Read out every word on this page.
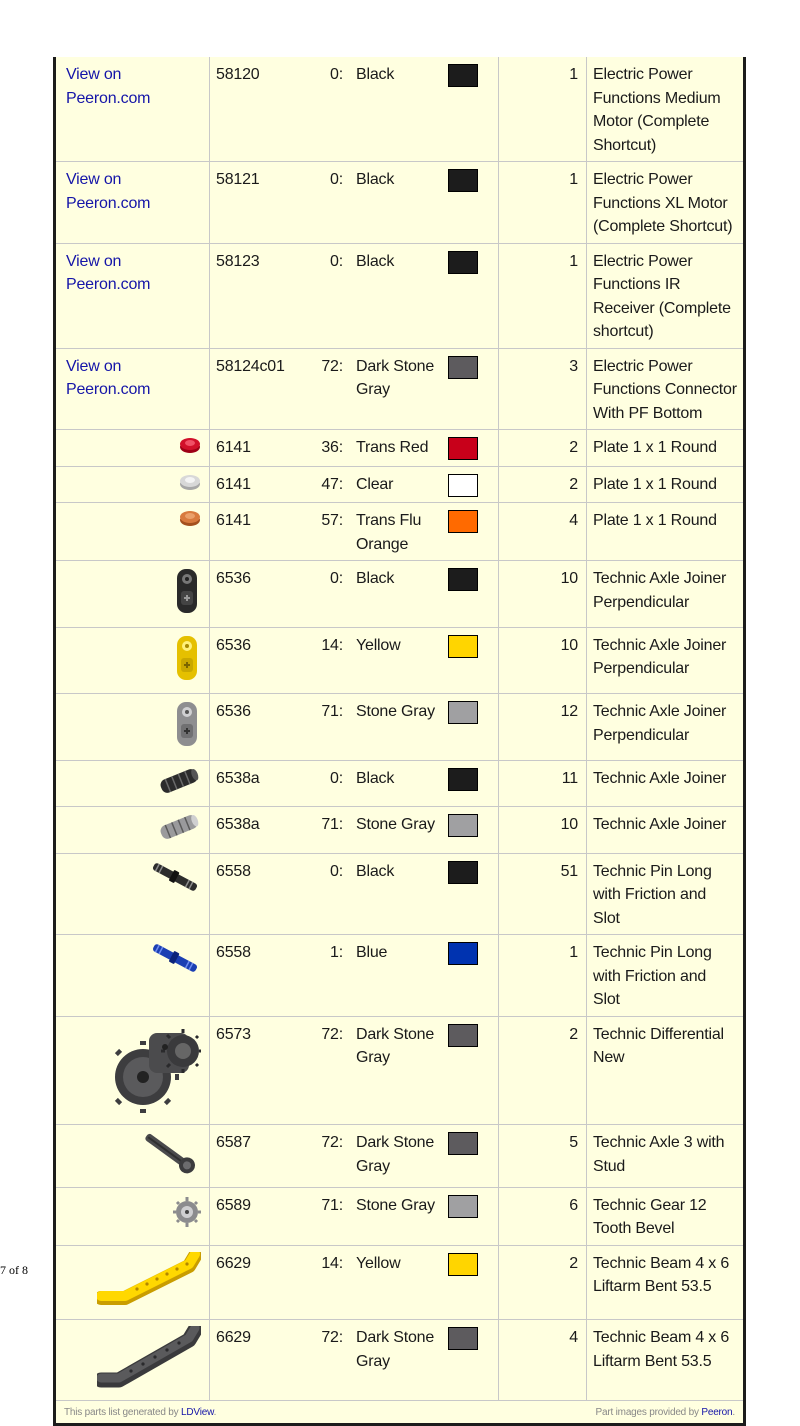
View on Peeron.com	58120	0:	Black		1	Electric Power Functions Medium Motor (Complete Shortcut)
View on Peeron.com	58121	0:	Black		1	Electric Power Functions XL Motor (Complete Shortcut)
View on Peeron.com	58123	0:	Black		1	Electric Power Functions IR Receiver (Complete shortcut)
View on Peeron.com	58124c01	72:	Dark Stone Gray		3	Electric Power Functions Connector With PF Bottom

	6141	36:	Trans Red		2	Plate 1 x 1 Round

	6141	47:	Clear		2	Plate 1 x 1 Round

	6141	57:	Trans Flu Orange		4	Plate 1 x 1 Round

	6536	0:	Black		10	Technic Axle Joiner Perpendicular

	6536	14:	Yellow		10	Technic Axle Joiner Perpendicular

	6536	71:	Stone Gray		12	Technic Axle Joiner Perpendicular

	6538a	0:	Black		11	Technic Axle Joiner

	6538a	71:	Stone Gray		10	Technic Axle Joiner

	6558	0:	Black		51	Technic Pin Long with Friction and Slot

	6558	1:	Blue		1	Technic Pin Long with Friction and Slot

	6573	72:	Dark Stone Gray		2	Technic Differential New

	6587	72:	Dark Stone Gray		5	Technic Axle 3 with Stud

	6589	71:	Stone Gray		6	Technic Gear 12 Tooth Bevel

	6629	14:	Yellow		2	Technic Beam 4 x 6 Liftarm Bent 53.5

	6629	72:	Dark Stone Gray		4	Technic Beam 4 x 6 Liftarm Bent 53.5
This parts list generated by LDView.				Part images provided by Peeron.		
7 of 8
